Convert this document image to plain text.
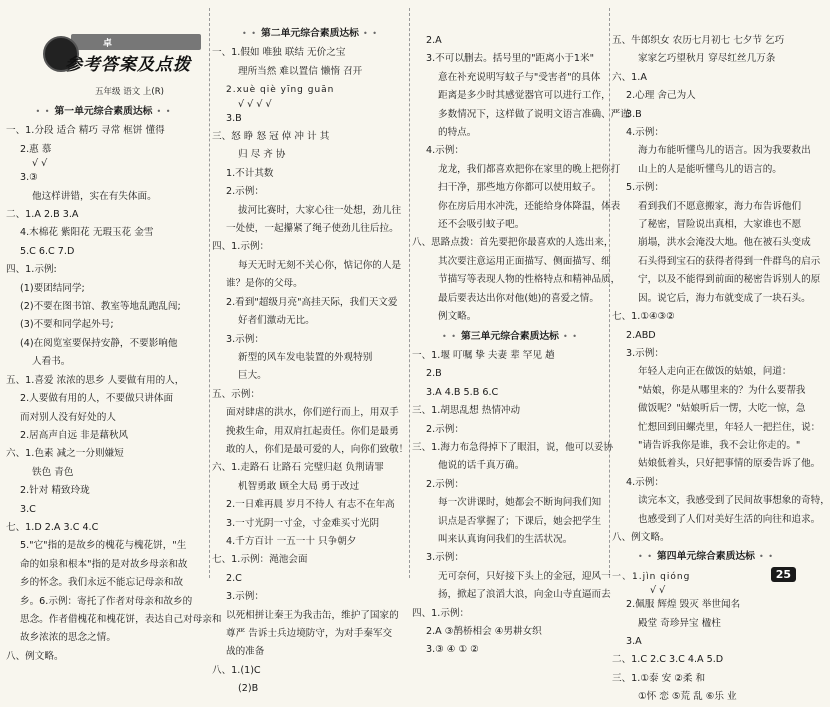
卓
参考答案及点拨
五年级 语文 上(R)
• • 第一单元综合素质达标 • •
一、1.分段 适合 精巧 寻常 框饼 懂得
2.惠 慕
√ √
3.③
他这样讲错，实在有失体面。
二、1.A 2.B 3.A
4.木棉花 紫阳花 无瑕玉花 金雪
5.C 6.C 7.D
四、1.示例:
(1)要团结同学;
(2)不要在图书馆、教室等地乱跑乱闯;
(3)不要和同学起外号;
(4)在阅览室要保持安静，不要影响他
人看书。
五、1.喜爱 浓浓的思乡 人要做有用的人，
2.人要做有用的人，不要做只讲体面
而对别人没有好处的人
2.居高声自远 非是藉秋风
六、1.色素 减之一分则嫌短
铁色 青色
2.针对 精致玲珑
3.C
七、1.D 2.A 3.C 4.C
5."它"指的是故乡的槐花与槐花饼，"生
命的如泉和根本"指的是对故乡母亲和故
乡的怀念。我们永远不能忘记母亲和故
乡。6.示例：寄托了作者对母亲和故乡的
思念。作者借槐花和槐花饼，表达自己对母亲和
故乡浓浓的思念之情。
八、例文略。
• • 第二单元综合素质达标 • •
一、1.假如 唯独 联结 无价之宝
理所当然 难以置信 懒惰 召开
2.xuè qiè yīng guān
√ √ √ √
3.B
三、怒 睁 怒 冠 倬 冲 计 其
归 尽 齐 协
1.不计其数
2.示例：
拔河比赛时，大家心往一处想，劲儿往
一处使，一起攥紧了绳子使劲儿往后拉。
四、1.示例：
每天无时无刻不关心你，惦记你的人是
谁？是你的父母。
2.看到"超级月亮"高挂天际，我们天文爱
好者们激动无比。
3.示例：
新型的风车发电装置的外观特别
巨大。
五、示例：
面对肆虐的洪水，你们逆行而上，用双手
挽救生命，用双肩扛起责任。你们是最勇
敢的人，你们是最可爱的人，向你们致敬！
六、1.走路石 让路石 完璧归赵 负荆请罪
机智勇敢 顾全大局 勇于改过
2.一日难再晨 岁月不待人 有志不在年高
3.一寸光阴一寸金，寸金难买寸光阴
4.千方百计 一五一十 只争朝夕
七、1.示例：渑池会面
2.C
3.示例：
以死相拼让秦王为我击缶，维护了国家的
尊严 告诉士兵边境防守，为对手秦军交
战的准备
八、1.(1)C
(2)B
2.A
3.不可以删去。括号里的"距离小于1米"
意在补充说明写蚊子与"受害者"的具体
距离是多少时其感觉器官可以进行工作，
多数情况下，这样做了说明文语言准确、严谨
的特点。
4.示例：
龙龙，我们都喜欢把你在家里的晚上把你打
扫干净，那些地方你都可以使用蚊子。
你在房后用水冲洗，还能给身体降温，体表
还不会吸引蚊子吧。
八、思路点拨：首先要把你最喜欢的人选出来，
其次要注意运用正面描写、侧面描写、细
节描写等表现人物的性格特点和精神品质，
最后要表达出你对他(她)的喜爱之情。
例文略。
• • 第三单元综合素质达标 • •
一、1.堰 叮嘱 挚 夫妻 辈 罕见 趟
2.B
3.A 4.B 5.B 6.C
三、1.胡思乱想 热情冲动
2.示例：
三、1.海力布急得掉下了眼泪，说，他可以妥协
他说的话千真万确。
2.示例：
每一次讲课时，她都会不断询问我们知
识点是否掌握了；下课后，她会把学生
叫来认真询问我们的生活状况。
3.示例：
无可奈何，只好接下头上的金冠，迎风一
扬，掀起了浪滔大浪，向金山寺直逼而去
四、1.示例：
2.A ③鹊桥相会 ④男耕女织
3.③ ④ ① ②
五、牛郎织女 农历七月初七 七夕节 乞巧
家家乞巧望秋月 穿尽红丝几万条
六、1.A
2.心理 舍己为人
3.B
4.示例：
海力布能听懂鸟儿的语言。因为我要救出
山上的人是能听懂鸟儿的语言的。
5.示例：
看到我们不愿意搬家，海力布告诉他们
了秘密，冒险说出真相，大家谁也不愿
崩塌，洪水会淹没大地。他在被石头变成
石头得到宝石的获得者得到一件群鸟的启示
宁，以及不能得到前面的秘密告诉别人的原
因。说它后，海力布就变成了一块石头。
七、1.①④③②
2.ABD
3.示例：
年轻人走向正在做饭的姑娘，问道：
"姑娘，你是从哪里来的？为什么要帮我
做饭呢？"姑娘听后一愣，大吃一惊，急
忙想回到田螺壳里，年轻人一把拦住，说：
"请告诉我你是谁，我不会让你走的。"
姑娘低着头，只好把事情的原委告诉了他。
4.示例：
读完本文，我感受到了民间故事想象的奇特，
也感受到了人们对美好生活的向往和追求。
八、例文略。
• • 第四单元综合素质达标 • •
一、1.jìn qióng
√ √
2.佩服 辉煌 毁灭 举世闻名
殿堂 奇珍异宝 楹柱
3.A
二、1.C 2.C 3.C 4.A 5.D
三、1.①泰 安 ②柔 和
①怀 恋 ⑤荒 乱 ⑥乐 业
25
